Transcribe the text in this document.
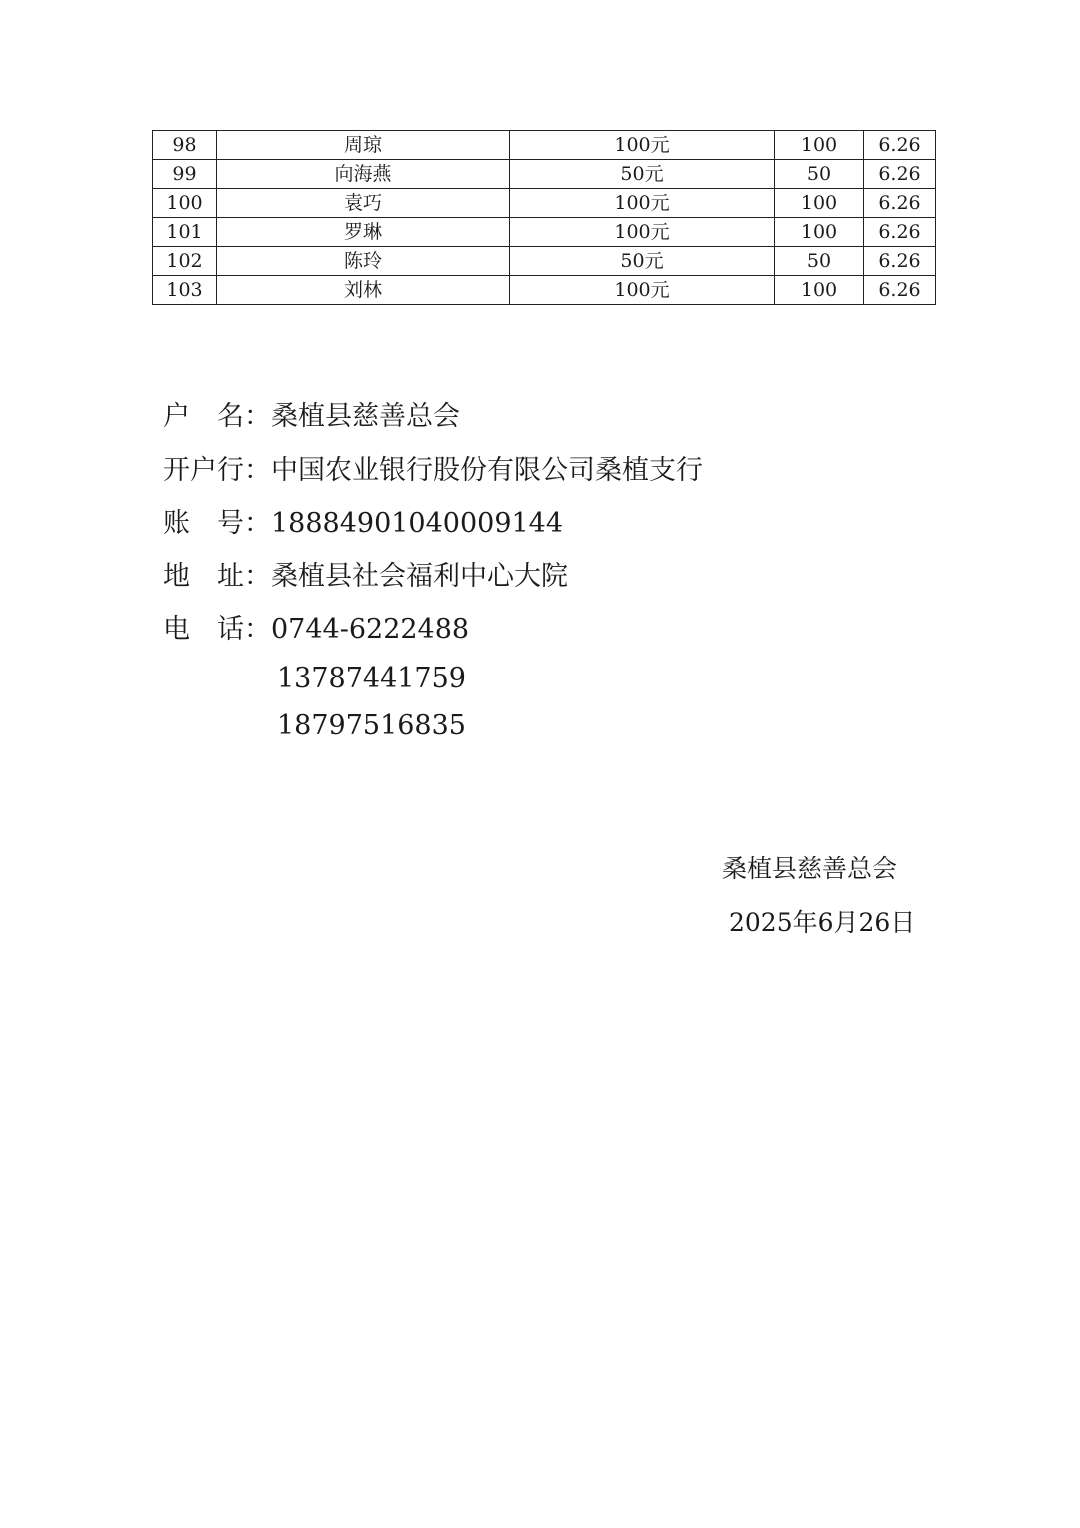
98	周琼	100元	100	6.26
99	向海燕	50元	50	6.26
100	袁巧	100元	100	6.26
101	罗琳	100元	100	6.26
102	陈玲	50元	50	6.26
103	刘林	100元	100	6.26
户　名：桑植县慈善总会
开户行：中国农业银行股份有限公司桑植支行
账　号：18884901040009144
地　址：桑植县社会福利中心大院
电　话：0744-6222488
13787441759
18797516835
桑植县慈善总会
2025年6月26日
